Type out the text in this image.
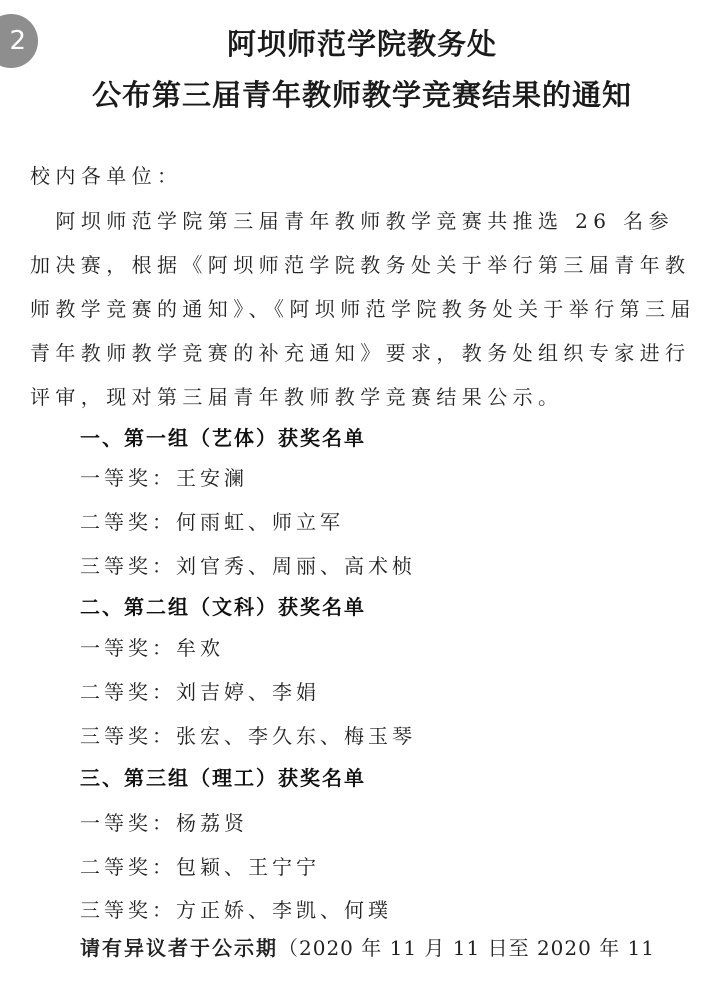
2	阿坝师范学院教务处
公布第三届青年教师教学竞赛结果的通知
校内各单位：
　阿坝师范学院第三届青年教师教学竞赛共推选 26 名参
加决赛，根据《阿坝师范学院教务处关于举行第三届青年教
师教学竞赛的通知》、《阿坝师范学院教务处关于举行第三届
青年教师教学竞赛的补充通知》要求，教务处组织专家进行
评审，现对第三届青年教师教学竞赛结果公示。
一、第一组（艺体）获奖名单
一等奖：王安澜
二等奖：何雨虹、师立军
三等奖：刘官秀、周丽、高术桢
二、第二组（文科）获奖名单
一等奖：牟欢
二等奖：刘吉婷、李娟
三等奖：张宏、李久东、梅玉琴
三、第三组（理工）获奖名单
一等奖：杨荔贤
二等奖：包颖、王宁宁
三等奖：方正娇、李凯、何璞
请有异议者于公示期（2020 年 11 月 11 日至 2020 年 11
